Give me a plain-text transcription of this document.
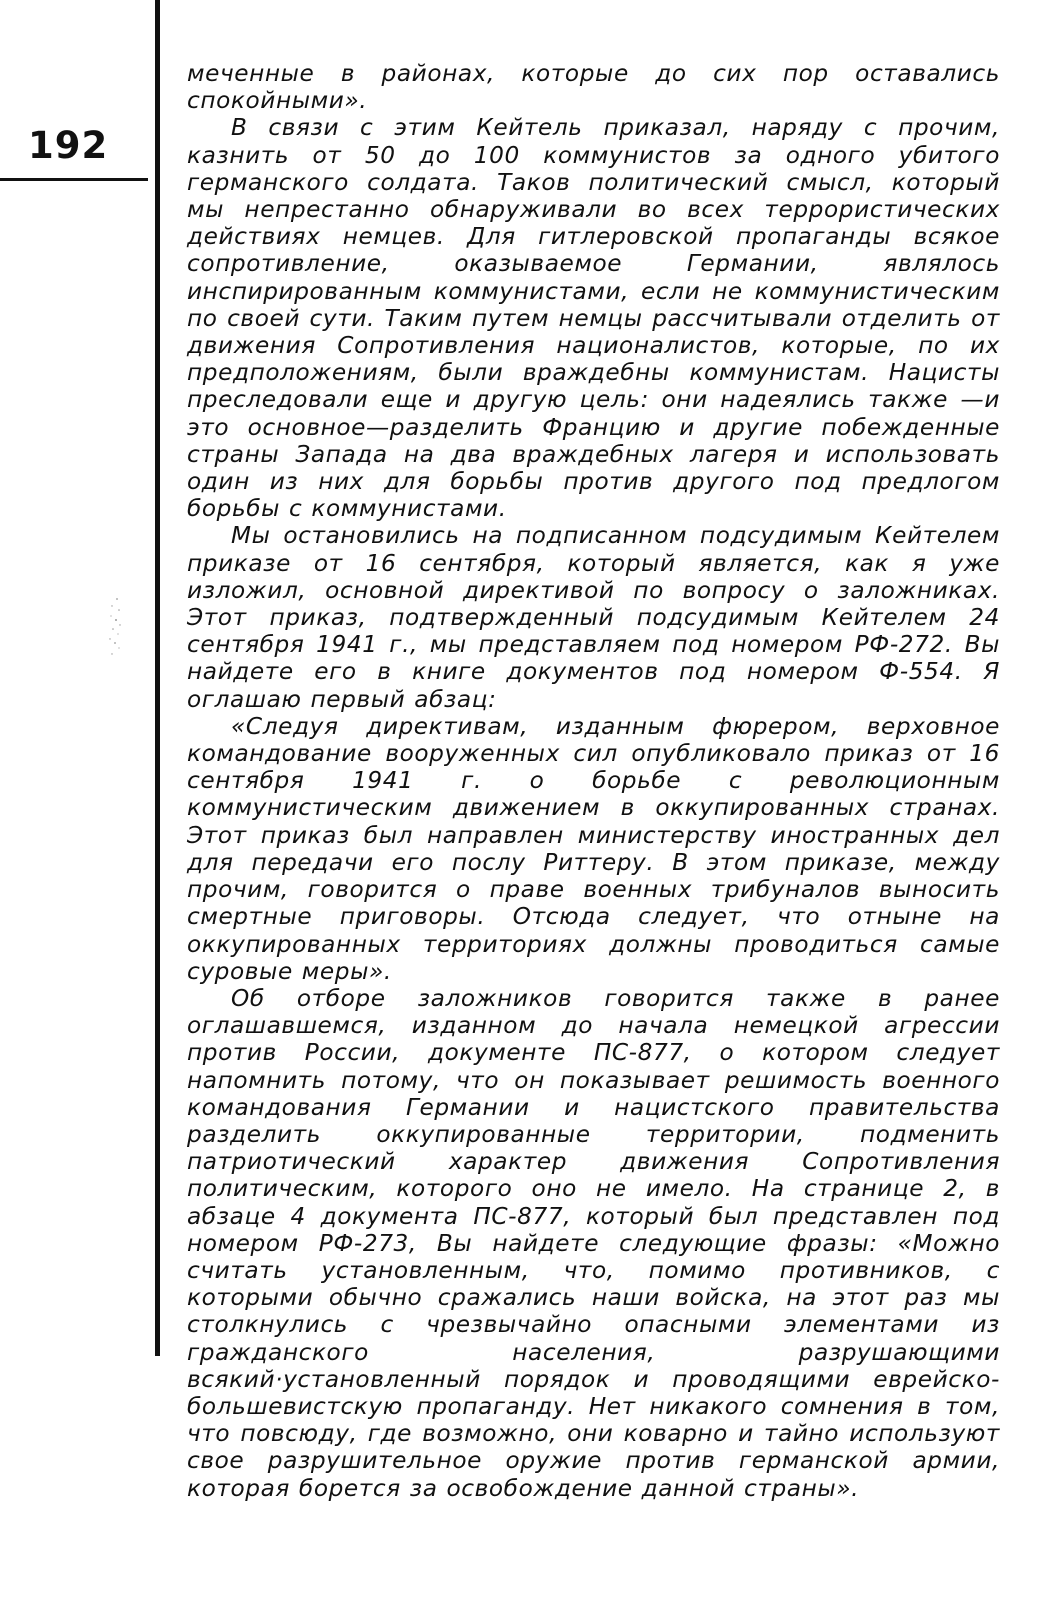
192

меченные в районах, которые до сих пор оставались спокойными».

В связи с этим Кейтель приказал, наряду с прочим, казнить от 50 до 100 коммунистов за одного убитого германского солдата. Таков политический смысл, который мы непрестанно обнаруживали во всех террористических действиях немцев. Для гитлеровской пропаганды всякое сопротивление, оказываемое Германии, являлось инспирированным коммунистами, если не коммунистическим по своей сути. Таким путем немцы рассчитывали отделить от движения Сопротивления националистов, которые, по их предположениям, были враждебны коммунистам. Нацисты преследовали еще и другую цель: они надеялись также —и это основное—разделить Францию и другие побежденные страны Запада на два враждебных лагеря и использовать один из них для борьбы против другого под предлогом борьбы с коммунистами.

Мы остановились на подписанном подсудимым Кейтелем приказе от 16 сентября, который является, как я уже изложил, основной директивой по вопросу о заложниках. Этот приказ, подтвержденный подсудимым Кейтелем 24 сентября 1941 г., мы представляем под номером РФ-272. Вы найдете его в книге документов под номером Ф-554. Я оглашаю первый абзац:

«Следуя директивам, изданным фюрером, верховное командование вооруженных сил опубликовало приказ от 16 сентября 1941 г. о борьбе с революционным коммунистическим движением в оккупированных странах. Этот приказ был направлен министерству иностранных дел для передачи его послу Риттеру. В этом приказе, между прочим, говорится о праве военных трибуналов выносить смертные приговоры. Отсюда следует, что отныне на оккупированных территориях должны проводиться самые суровые меры».

Об отборе заложников говорится также в ранее оглашавшемся, изданном до начала немецкой агрессии против России, документе ПС-877, о котором следует напомнить потому, что он показывает решимость военного командования Германии и нацистского правительства разделить оккупированные территории, подменить патриотический характер движения Сопротивления политическим, которого оно не имело. На странице 2, в абзаце 4 документа ПС-877, который был представлен под номером РФ-273, Вы найдете следующие фразы: «Можно считать установленным, что, помимо противников, с которыми обычно сражались наши войска, на этот раз мы столкнулись с чрезвычайно опасными элементами из гражданского населения, разрушающими всякий·установленный порядок и проводящими еврейско-большевистскую пропаганду. Нет никакого сомнения в том, что повсюду, где возможно, они коварно и тайно используют свое разрушительное оружие против германской армии, которая борется за освобождение данной страны».
